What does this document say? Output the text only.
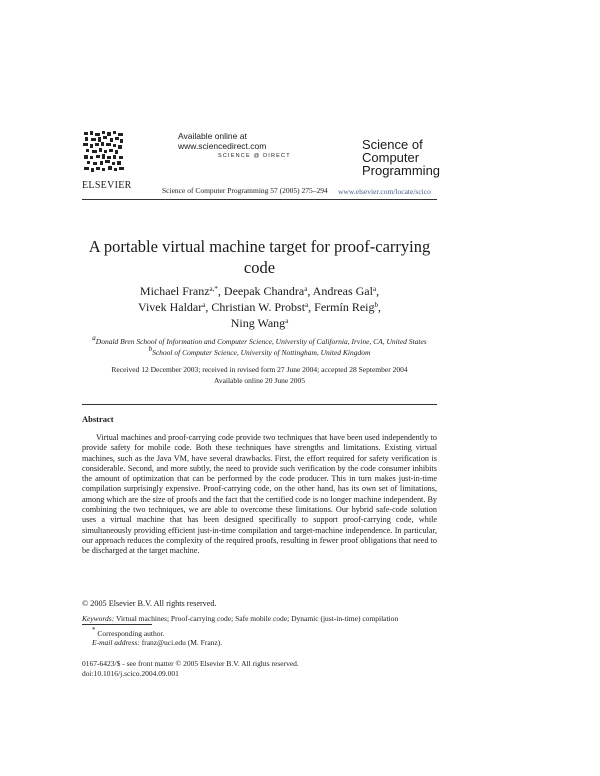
ELSEVIER
Available online at www.sciencedirect.com
SCIENCE @ DIRECT
Science of
Computer
Programming
Science of Computer Programming 57 (2005) 275–294 www.elsevier.com/locate/scico
A portable virtual machine target for proof-carrying
code
Michael Franz$^{a,*}$, Deepak Chandra$^a$, Andreas Gal$^a$,
Vivek Haldar$^a$, Christian W. Probst$^a$, Fermín Reig$^b$,
Ning Wang$^a$
$^a$Donald Bren School of Information and Computer Science, University of California, Irvine, CA, United States
$^b$School of Computer Science, University of Nottingham, United Kingdom
Received 12 December 2003; received in revised form 27 June 2004; accepted 28 September 2004
Available online 20 June 2005
Abstract
Virtual machines and proof-carrying code provide two techniques that have been used independently to provide safety for mobile code. Both these techniques have strengths and limitations. Existing virtual machines, such as the Java VM, have several drawbacks. First, the effort required for safety verification is considerable. Second, and more subtly, the need to provide such verification by the code consumer inhibits the amount of optimization that can be performed by the code producer. This in turn makes just-in-time compilation surprisingly expensive. Proof-carrying code, on the other hand, has its own set of limitations, among which are the size of proofs and the fact that the certified code is no longer machine independent. By combining the two techniques, we are able to overcome these limitations. Our hybrid safe-code solution uses a virtual machine that has been designed specifically to support proof-carrying code, while simultaneously providing efficient just-in-time compilation and target-machine independence. In particular, our approach reduces the complexity of the required proofs, resulting in fewer proof obligations that need to be discharged at the target machine.
© 2005 Elsevier B.V. All rights reserved.
Keywords: Virtual machines; Proof-carrying code; Safe mobile code; Dynamic (just-in-time) compilation
* Corresponding author.
E-mail address: franz@uci.edu (M. Franz).
0167-6423/$ - see front matter © 2005 Elsevier B.V. All rights reserved.
doi:10.1016/j.scico.2004.09.001
